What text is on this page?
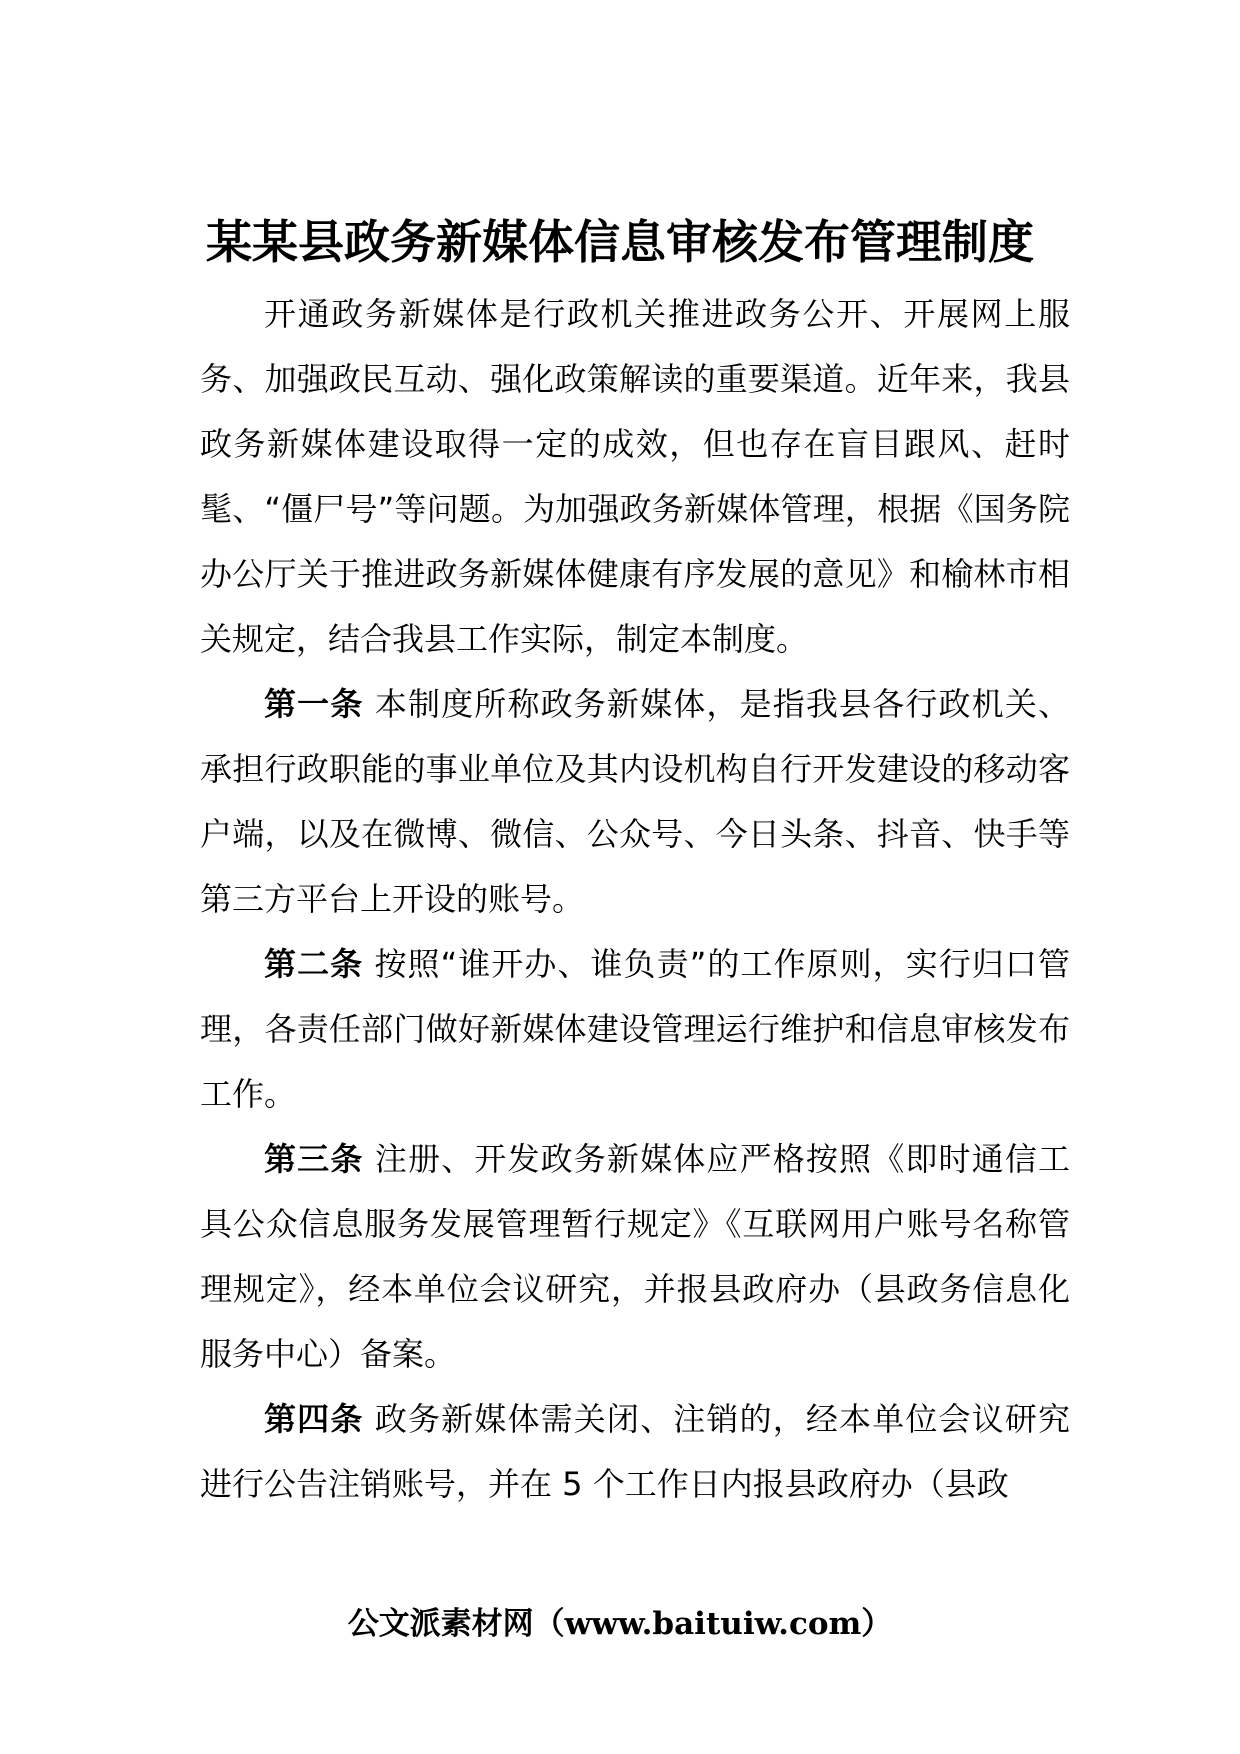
某某县政务新媒体信息审核发布管理制度

开通政务新媒体是行政机关推进政务公开、开展网上服务、加强政民互动、强化政策解读的重要渠道。近年来，我县政务新媒体建设取得一定的成效，但也存在盲目跟风、赶时髦、“僵尸号”等问题。为加强政务新媒体管理，根据《国务院办公厅关于推进政务新媒体健康有序发展的意见》和榆林市相关规定，结合我县工作实际，制定本制度。

第一条 本制度所称政务新媒体，是指我县各行政机关、承担行政职能的事业单位及其内设机构自行开发建设的移动客户端，以及在微博、微信、公众号、今日头条、抖音、快手等第三方平台上开设的账号。

第二条 按照“谁开办、谁负责”的工作原则，实行归口管理，各责任部门做好新媒体建设管理运行维护和信息审核发布工作。

第三条 注册、开发政务新媒体应严格按照《即时通信工具公众信息服务发展管理暂行规定》《互联网用户账号名称管理规定》，经本单位会议研究，并报县政府办（县政务信息化服务中心）备案。

第四条 政务新媒体需关闭、注销的，经本单位会议研究进行公告注销账号，并在 5 个工作日内报县政府办（县政

公文派素材网（www.baituiw.com）
